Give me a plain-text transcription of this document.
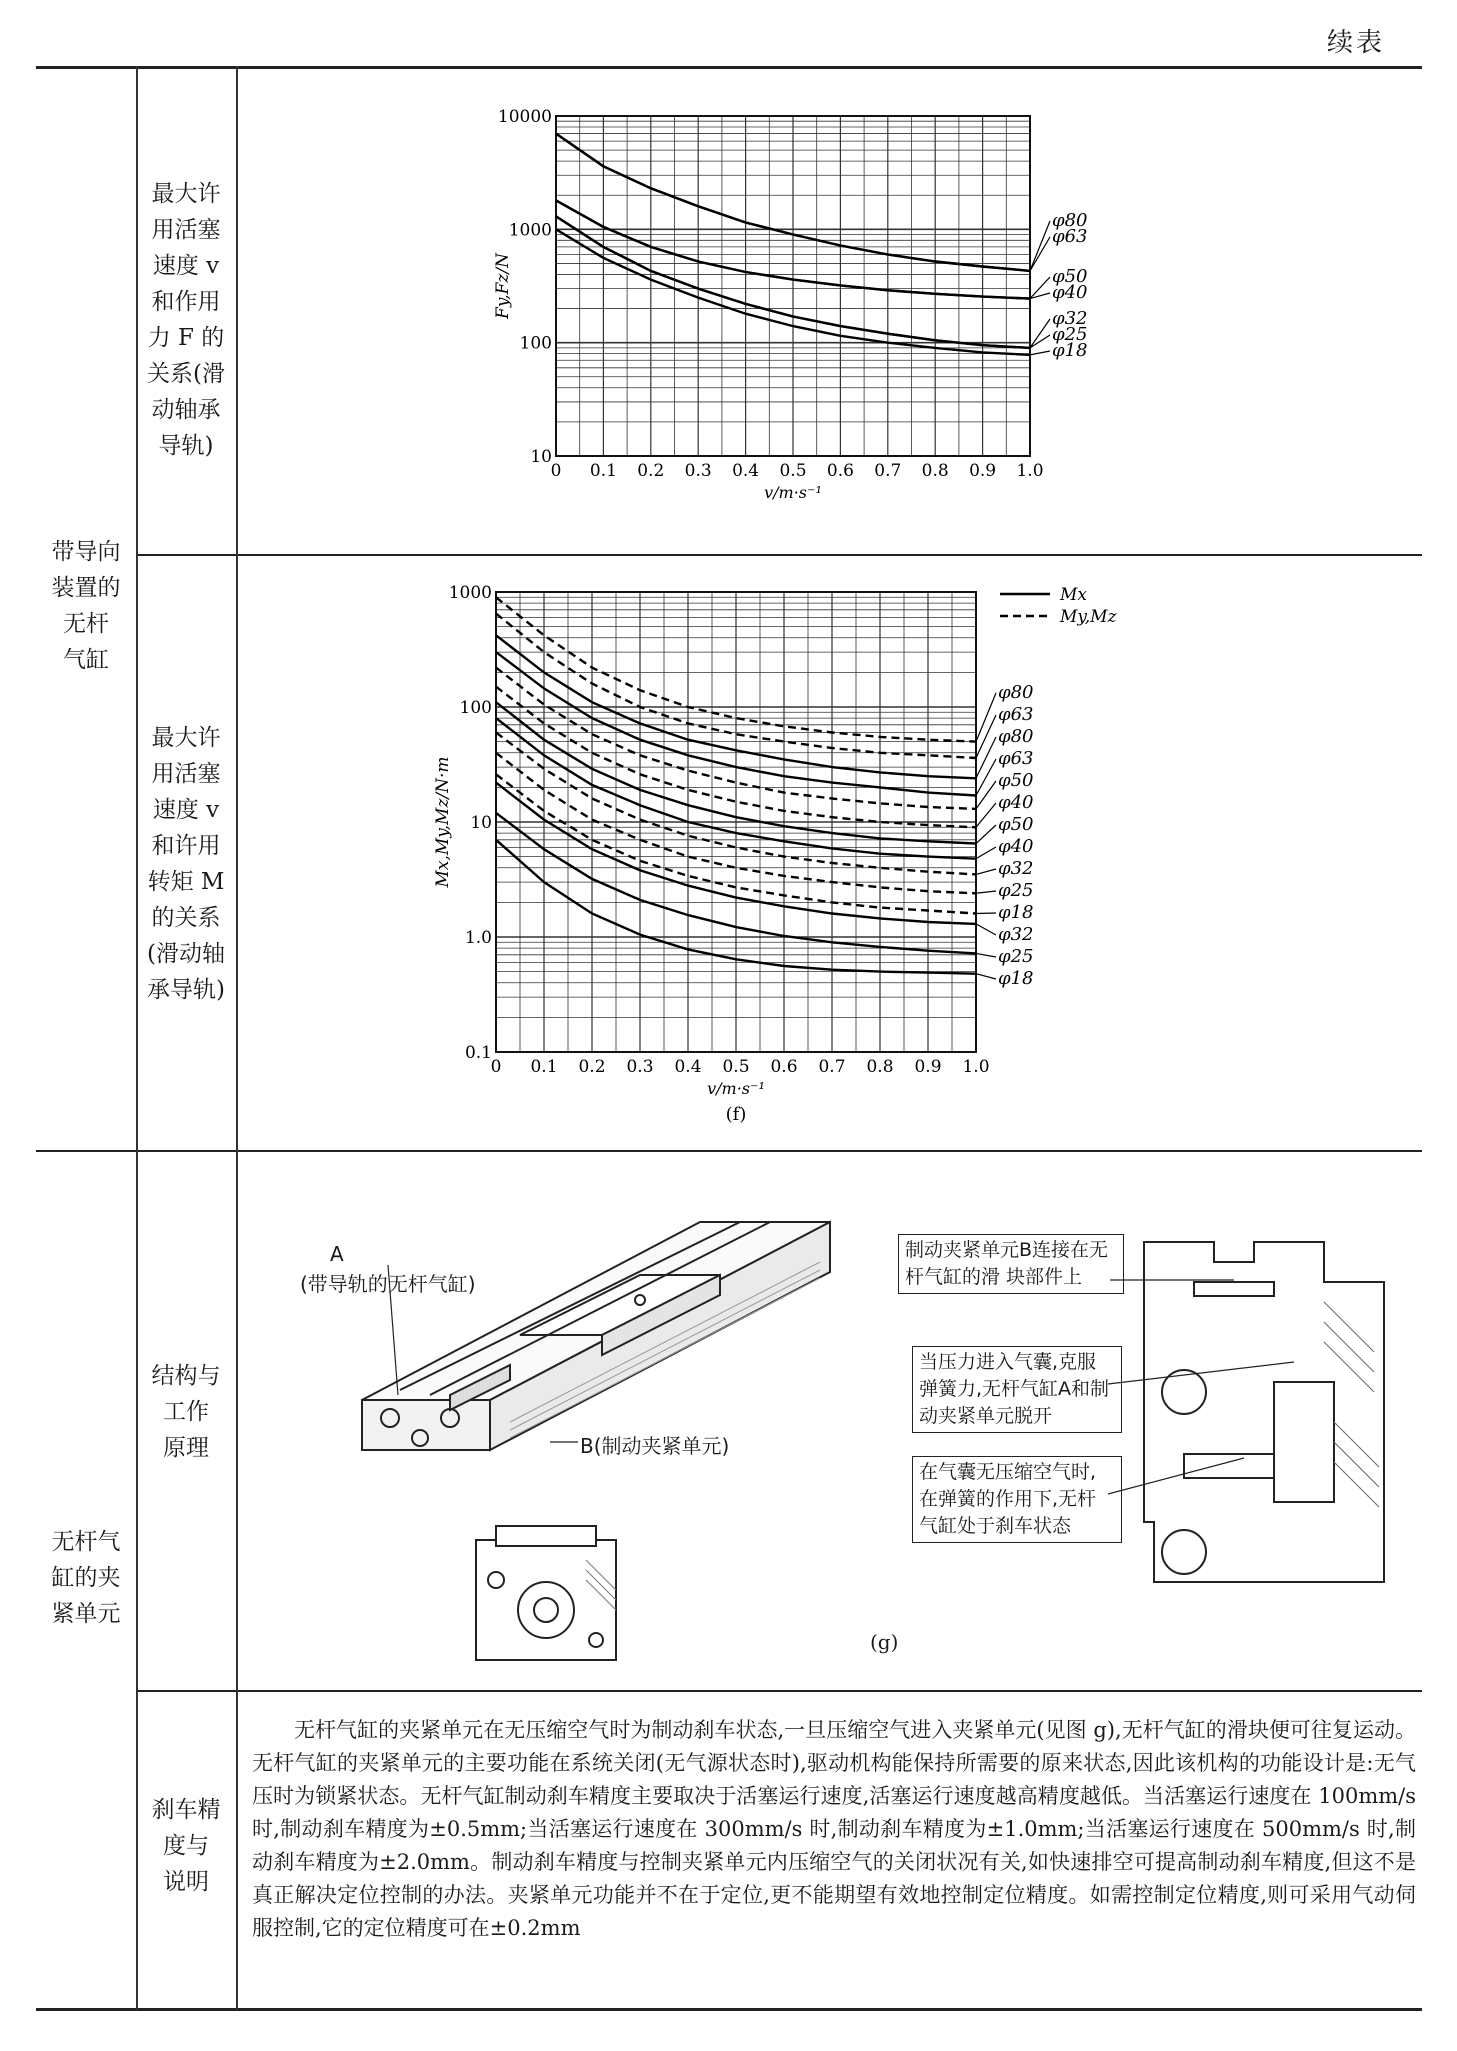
续表
带导向
装置的
无杆
气缸
无杆气
缸的夹
紧单元
最大许
用活塞
速度 v
和作用
力 F 的
关系(滑
动轴承
导轨)
最大许
用活塞
速度 v
和许用
转矩 M
的关系
(滑动轴
承导轨)
结构与
工作
原理
刹车精
度与
说明
10
100
1000
10000
0 0.1 0.2 0.3 0.4 0.5 0.6 0.7 0.8 0.9 1.0
v/m·s⁻¹
Fy,Fz/N
φ80
φ63
φ50
φ40
φ32
φ25
φ18
0.1
1.0
10
100
1000
0 0.1 0.2 0.3 0.4 0.5 0.6 0.7 0.8 0.9 1.0
v/m·s⁻¹
Mx,My,Mz/N·m
φ80
φ63
φ80
φ63
φ50
φ40
φ50
φ40
φ32
φ25
φ18
φ32
φ25
φ18
Mx
My,Mz
(f)
A
(带导轨的无杆气缸)
B(制动夹紧单元)
制动夹紧单元B连接在无杆气缸的滑 块部件上
当压力进入气囊,克服弹簧力,无杆气缸A和制动夹紧单元脱开
在气囊无压缩空气时,在弹簧的作用下,无杆气缸处于刹车状态
(g)
无杆气缸的夹紧单元在无压缩空气时为制动刹车状态,一旦压缩空气进入夹紧单元(见图 g),无杆气缸的滑块便可往复运动。无杆气缸的夹紧单元的主要功能在系统关闭(无气源状态时),驱动机构能保持所需要的原来状态,因此该机构的功能设计是:无气压时为锁紧状态。无杆气缸制动刹车精度主要取决于活塞运行速度,活塞运行速度越高精度越低。当活塞运行速度在 100mm/s 时,制动刹车精度为±0.5mm;当活塞运行速度在 300mm/s 时,制动刹车精度为±1.0mm;当活塞运行速度在 500mm/s 时,制动刹车精度为±2.0mm。制动刹车精度与控制夹紧单元内压缩空气的关闭状况有关,如快速排空可提高制动刹车精度,但这不是真正解决定位控制的办法。夹紧单元功能并不在于定位,更不能期望有效地控制定位精度。如需控制定位精度,则可采用气动伺服控制,它的定位精度可在±0.2mm
